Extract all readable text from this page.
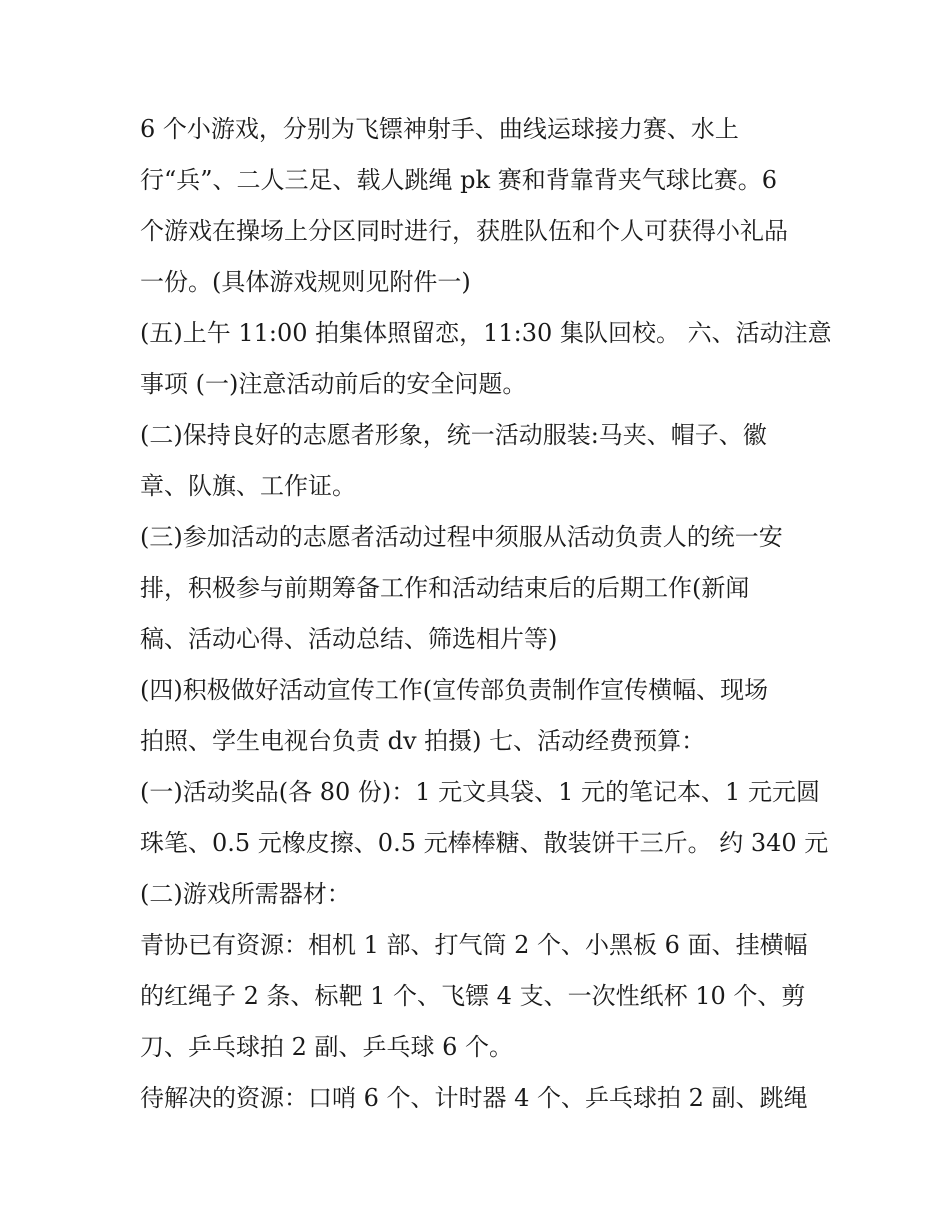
6 个小游戏，分别为飞镖神射手、曲线运球接力赛、水上

行“兵”、二人三足、载人跳绳 pk 赛和背靠背夹气球比赛。6

个游戏在操场上分区同时进行，获胜队伍和个人可获得小礼品

一份。(具体游戏规则见附件一)

(五)上午 11:00 拍集体照留恋，11:30 集队回校。 六、活动注意

事项 (一)注意活动前后的安全问题。

(二)保持良好的志愿者形象，统一活动服装:马夹、帽子、徽

章、队旗、工作证。

(三)参加活动的志愿者活动过程中须服从活动负责人的统一安

排，积极参与前期筹备工作和活动结束后的后期工作(新闻

稿、活动心得、活动总结、筛选相片等)

(四)积极做好活动宣传工作(宣传部负责制作宣传横幅、现场

拍照、学生电视台负责 dv 拍摄) 七、活动经费预算：

(一)活动奖品(各 80 份)：1 元文具袋、1 元的笔记本、1 元元圆

珠笔、0.5 元橡皮擦、0.5 元棒棒糖、散装饼干三斤。 约 340 元

(二)游戏所需器材：

青协已有资源：相机 1 部、打气筒 2 个、小黑板 6 面、挂横幅

的红绳子 2 条、标靶 1 个、飞镖 4 支、一次性纸杯 10 个、剪

刀、乒乓球拍 2 副、乒乓球 6 个。

待解决的资源：口哨 6 个、计时器 4 个、乒乓球拍 2 副、跳绳
